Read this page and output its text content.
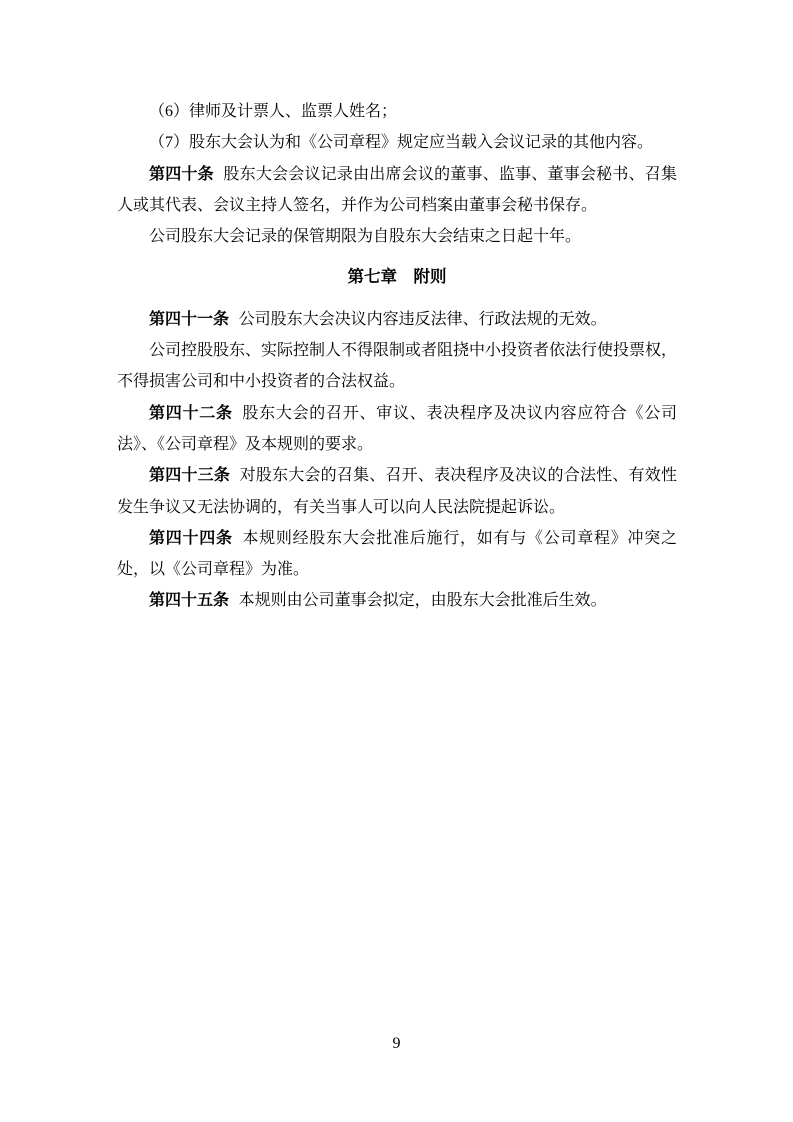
（6）律师及计票人、监票人姓名；

（7）股东大会认为和《公司章程》规定应当载入会议记录的其他内容。

第四十条 股东大会会议记录由出席会议的董事、监事、董事会秘书、召集人或其代表、会议主持人签名，并作为公司档案由董事会秘书保存。

公司股东大会记录的保管期限为自股东大会结束之日起十年。

第七章　附则

第四十一条 公司股东大会决议内容违反法律、行政法规的无效。

公司控股股东、实际控制人不得限制或者阻挠中小投资者依法行使投票权，不得损害公司和中小投资者的合法权益。

第四十二条 股东大会的召开、审议、表决程序及决议内容应符合《公司法》、《公司章程》及本规则的要求。

第四十三条 对股东大会的召集、召开、表决程序及决议的合法性、有效性发生争议又无法协调的，有关当事人可以向人民法院提起诉讼。

第四十四条 本规则经股东大会批准后施行，如有与《公司章程》冲突之处，以《公司章程》为准。

第四十五条 本规则由公司董事会拟定，由股东大会批准后生效。

9
